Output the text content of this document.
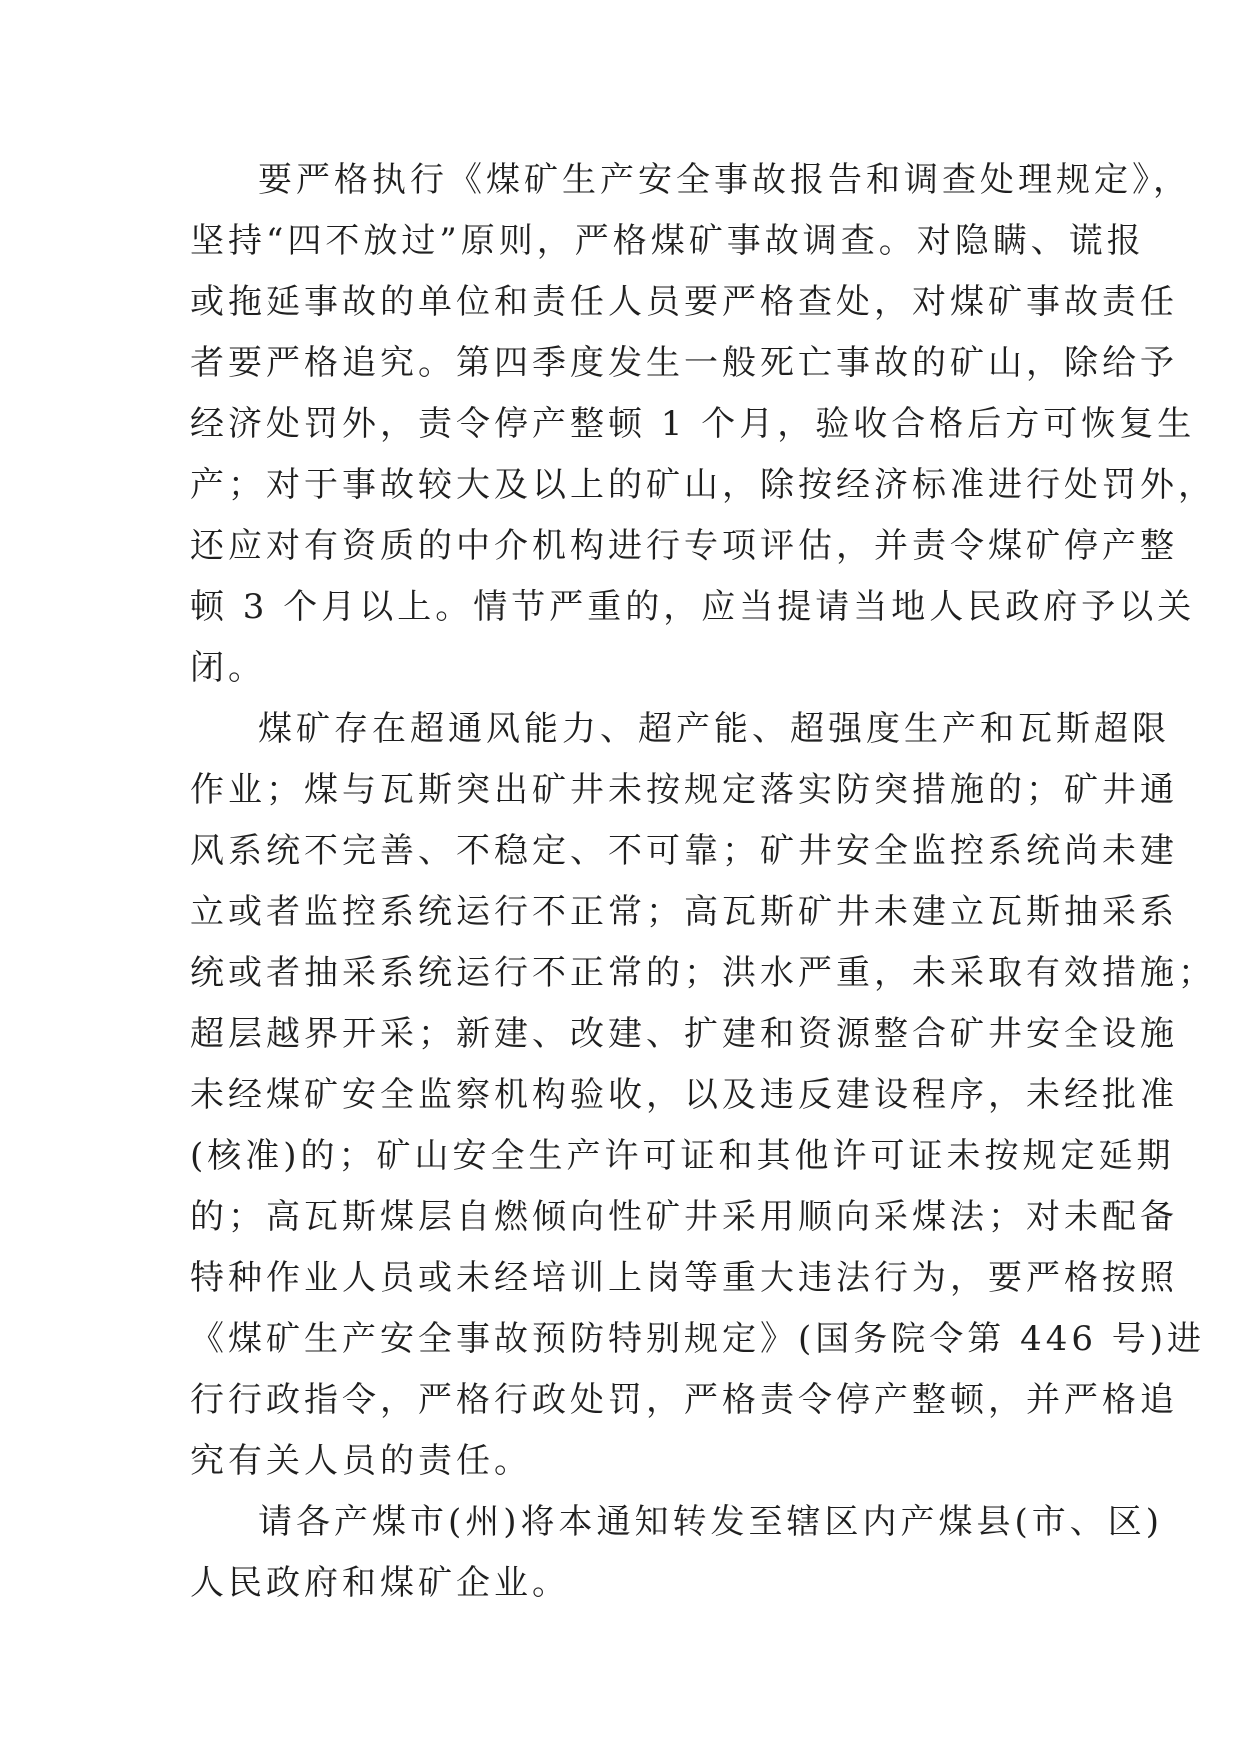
要严格执行《煤矿生产安全事故报告和调查处理规定》，
坚持“四不放过”原则，严格煤矿事故调查。对隐瞒、谎报
或拖延事故的单位和责任人员要严格查处，对煤矿事故责任
者要严格追究。第四季度发生一般死亡事故的矿山，除给予
经济处罚外，责令停产整顿 1 个月，验收合格后方可恢复生
产；对于事故较大及以上的矿山，除按经济标准进行处罚外，
还应对有资质的中介机构进行专项评估，并责令煤矿停产整
顿 3 个月以上。情节严重的，应当提请当地人民政府予以关
闭。
煤矿存在超通风能力、超产能、超强度生产和瓦斯超限
作业；煤与瓦斯突出矿井未按规定落实防突措施的；矿井通
风系统不完善、不稳定、不可靠；矿井安全监控系统尚未建
立或者监控系统运行不正常；高瓦斯矿井未建立瓦斯抽采系
统或者抽采系统运行不正常的；洪水严重，未采取有效措施；
超层越界开采；新建、改建、扩建和资源整合矿井安全设施
未经煤矿安全监察机构验收，以及违反建设程序，未经批准
(核准)的；矿山安全生产许可证和其他许可证未按规定延期
的；高瓦斯煤层自燃倾向性矿井采用顺向采煤法；对未配备
特种作业人员或未经培训上岗等重大违法行为，要严格按照
《煤矿生产安全事故预防特别规定》(国务院令第 446 号)进
行行政指令，严格行政处罚，严格责令停产整顿，并严格追
究有关人员的责任。
请各产煤市(州)将本通知转发至辖区内产煤县(市、区)
人民政府和煤矿企业。
